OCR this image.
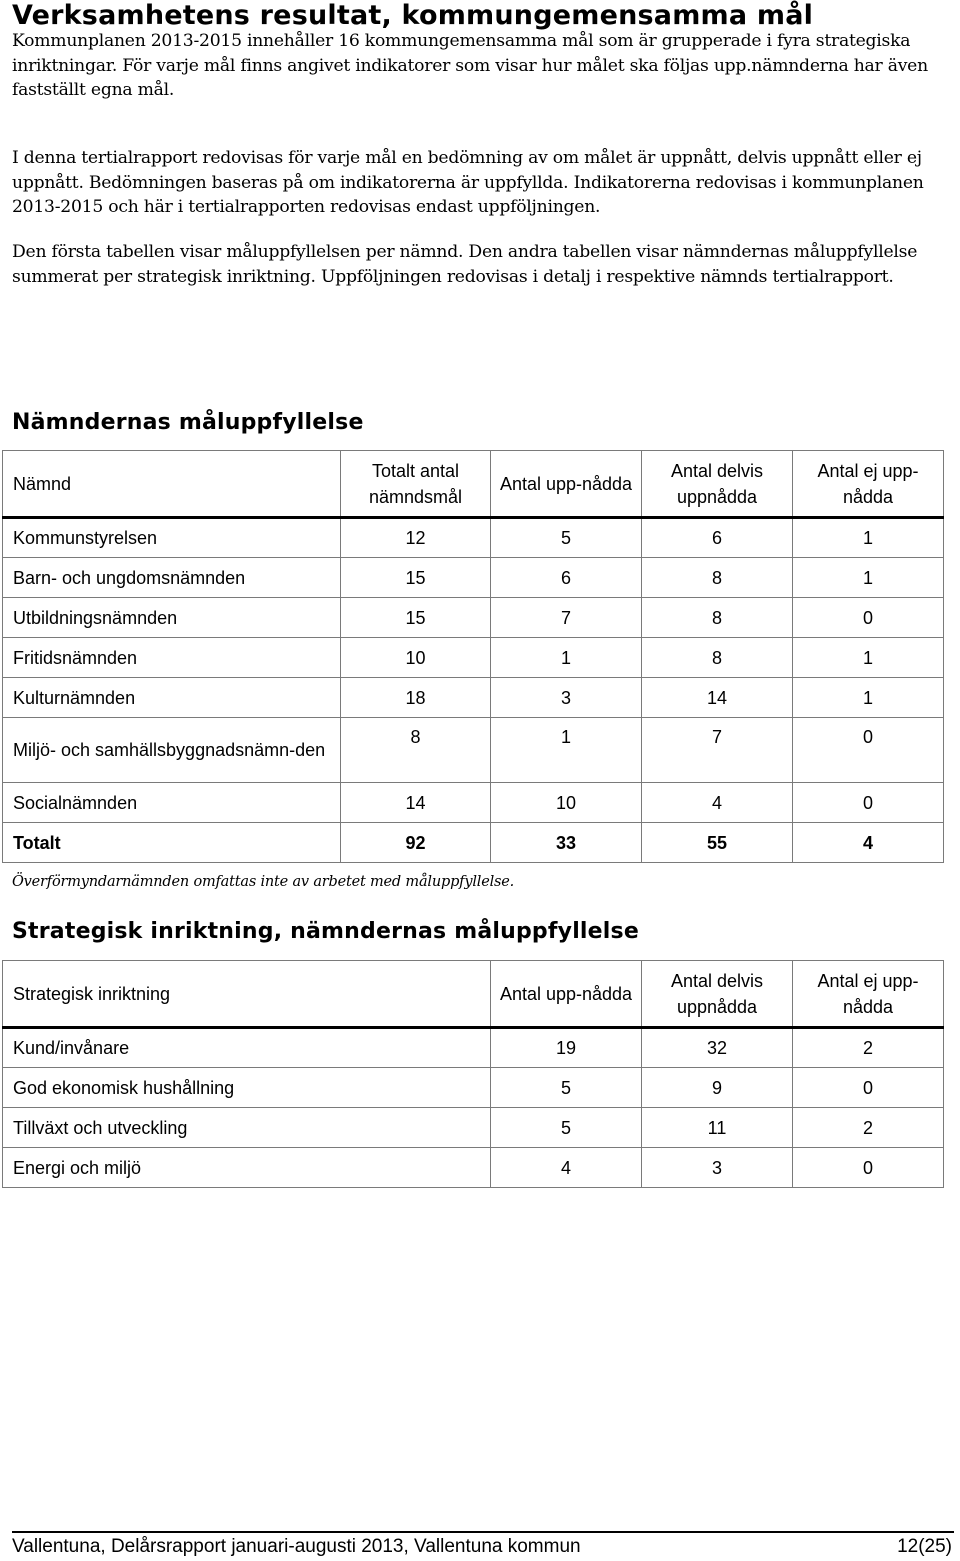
Verksamhetens resultat, kommungemensamma mål

Kommunplanen 2013-2015 innehåller 16 kommungemensamma mål som är grupperade i fyra strategiska inriktningar. För varje mål finns angivet indikatorer som visar hur målet ska följas upp.nämnderna har även fastställt egna mål.

I denna tertialrapport redovisas för varje mål en bedömning av om målet är uppnått, delvis uppnått eller ej uppnått. Bedömningen baseras på om indikatorerna är uppfyllda. Indikatorerna redovisas i kommunplanen 2013-2015 och här i tertialrapporten redovisas endast uppföljningen.

Den första tabellen visar måluppfyllelsen per nämnd. Den andra tabellen visar nämndernas måluppfyllelse summerat per strategisk inriktning. Uppföljningen redovisas i detalj i respektive nämnds tertialrapport.

Nämndernas måluppfyllelse
Nämnd	Totalt antal nämndsmål	Antal upp-nådda	Antal delvis uppnådda	Antal ej upp-nådda
Kommunstyrelsen	12	5	6	1
Barn- och ungdomsnämnden	15	6	8	1
Utbildningsnämnden	15	7	8	0
Fritidsnämnden	10	1	8	1
Kulturnämnden	18	3	14	1
Miljö- och samhällsbyggnadsnämn-den	8	1	7	0
Socialnämnden	14	10	4	0
Totalt	92	33	55	4

Överförmyndarnämnden omfattas inte av arbetet med måluppfyllelse.

Strategisk inriktning, nämndernas måluppfyllelse
Strategisk inriktning	Antal upp-nådda	Antal delvis uppnådda	Antal ej upp-nådda
Kund/invånare	19	32	2
God ekonomisk hushållning	5	9	0
Tillväxt och utveckling	5	11	2
Energi och miljö	4	3	0
Vallentuna, Delårsrapport januari-augusti 2013, Vallentuna kommun	12(25)
